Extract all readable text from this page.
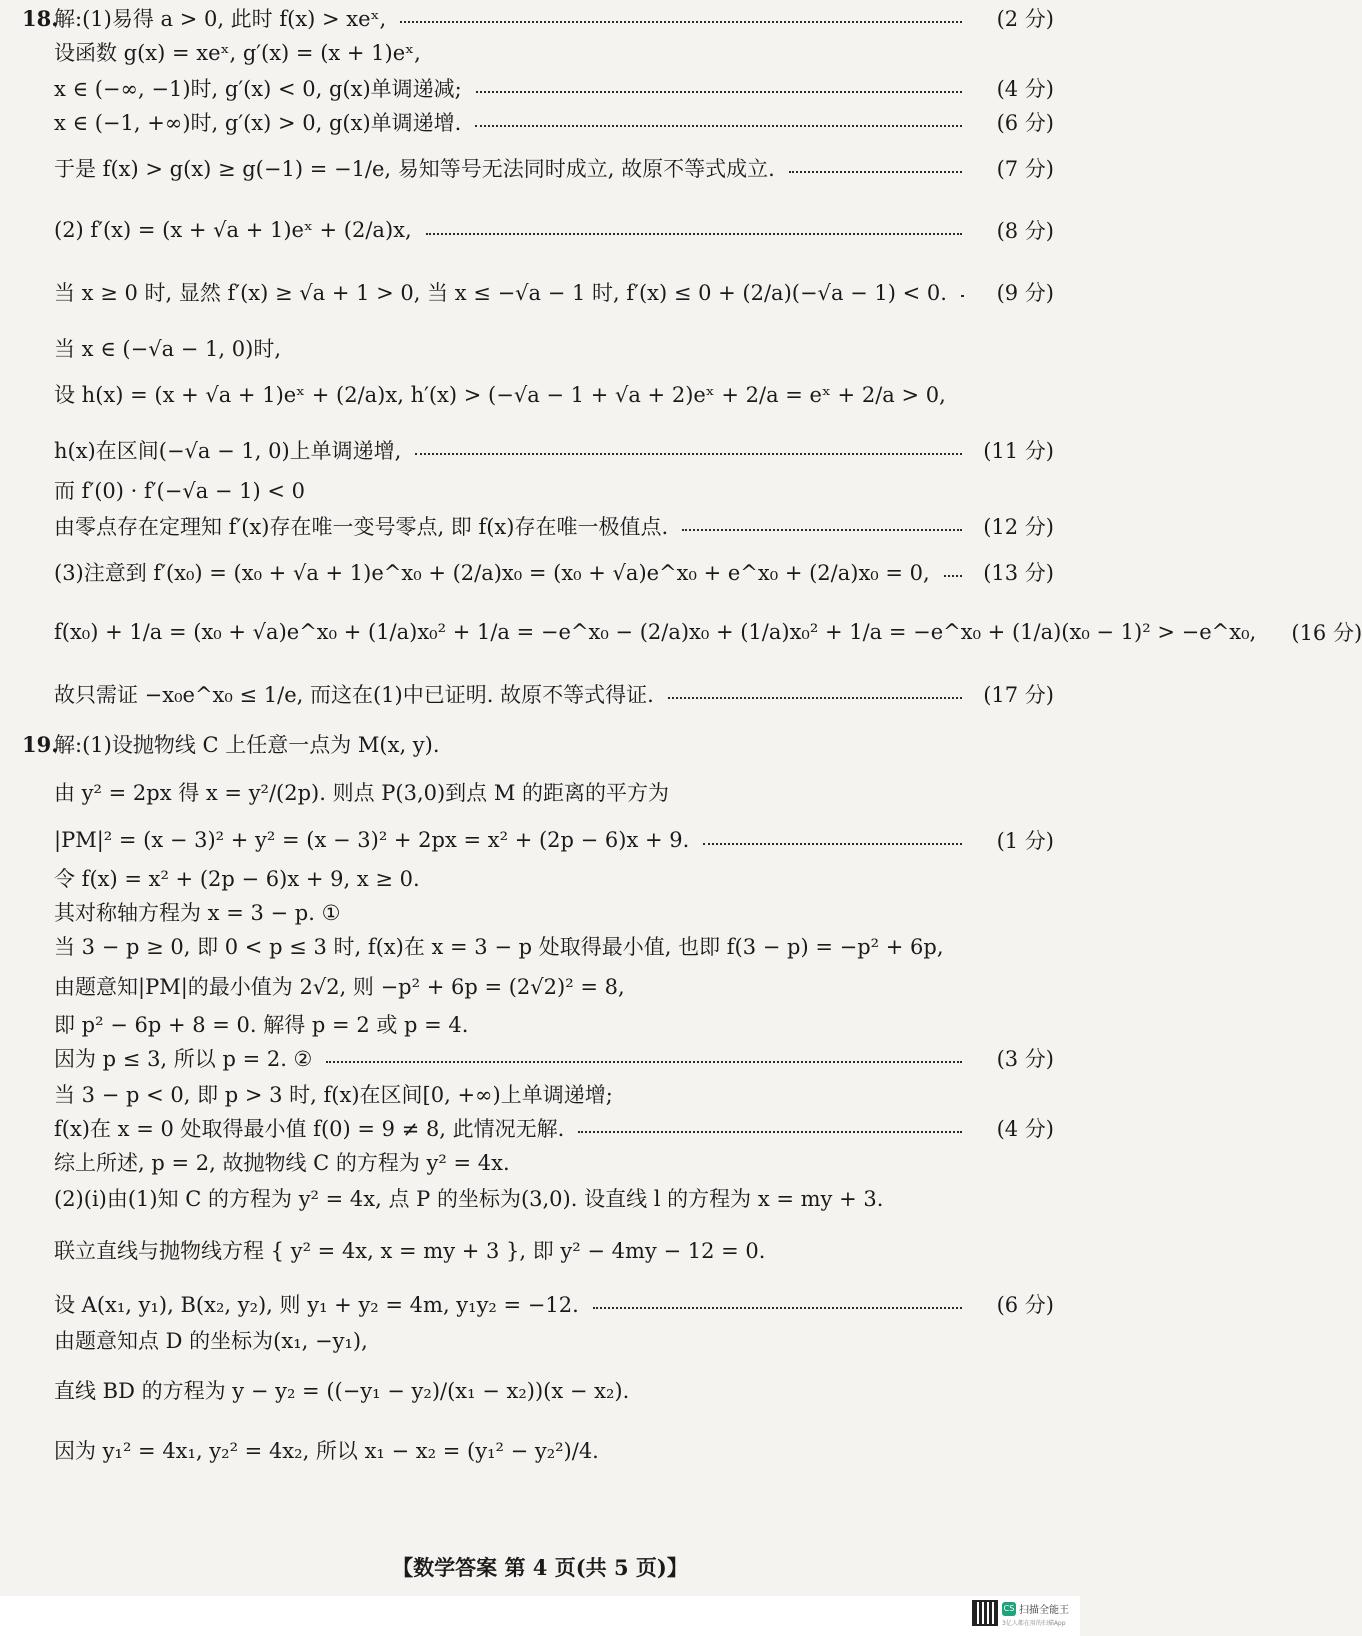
18.
解:(1)易得 a > 0, 此时 f(x) > xeˣ,	(2 分)
设函数 g(x) = xeˣ, g′(x) = (x + 1)eˣ,
x ∈ (−∞, −1)时, g′(x) < 0, g(x)单调递减;	(4 分)
x ∈ (−1, +∞)时, g′(x) > 0, g(x)单调递增.	(6 分)
于是 f(x) > g(x) ≥ g(−1) = −1/e, 易知等号无法同时成立, 故原不等式成立.	(7 分)
(2) f′(x) = (x + √a + 1)eˣ + (2/a)x,	(8 分)
当 x ≥ 0 时, 显然 f′(x) ≥ √a + 1 > 0, 当 x ≤ −√a − 1 时, f′(x) ≤ 0 + (2/a)(−√a − 1) < 0.	(9 分)
当 x ∈ (−√a − 1, 0)时,
设 h(x) = (x + √a + 1)eˣ + (2/a)x, h′(x) > (−√a − 1 + √a + 2)eˣ + 2/a = eˣ + 2/a > 0,
h(x)在区间(−√a − 1, 0)上单调递增,	(11 分)
而 f′(0) · f′(−√a − 1) < 0
由零点存在定理知 f′(x)存在唯一变号零点, 即 f(x)存在唯一极值点.	(12 分)
(3)注意到 f′(x₀) = (x₀ + √a + 1)e^x₀ + (2/a)x₀ = (x₀ + √a)e^x₀ + e^x₀ + (2/a)x₀ = 0,	(13 分)
f(x₀) + 1/a = (x₀ + √a)e^x₀ + (1/a)x₀² + 1/a = −e^x₀ − (2/a)x₀ + (1/a)x₀² + 1/a = −e^x₀ + (1/a)(x₀ − 1)² > −e^x₀,	(16 分)
故只需证 −x₀e^x₀ ≤ 1/e, 而这在(1)中已证明. 故原不等式得证.	(17 分)
19.
解:(1)设抛物线 C 上任意一点为 M(x, y).
由 y² = 2px 得 x = y²/(2p). 则点 P(3,0)到点 M 的距离的平方为
|PM|² = (x − 3)² + y² = (x − 3)² + 2px = x² + (2p − 6)x + 9.	(1 分)
令 f(x) = x² + (2p − 6)x + 9, x ≥ 0.
其对称轴方程为 x = 3 − p. ①
当 3 − p ≥ 0, 即 0 < p ≤ 3 时, f(x)在 x = 3 − p 处取得最小值, 也即 f(3 − p) = −p² + 6p,
由题意知|PM|的最小值为 2√2, 则 −p² + 6p = (2√2)² = 8,
即 p² − 6p + 8 = 0. 解得 p = 2 或 p = 4.
因为 p ≤ 3, 所以 p = 2. ②	(3 分)
当 3 − p < 0, 即 p > 3 时, f(x)在区间[0, +∞)上单调递增;
f(x)在 x = 0 处取得最小值 f(0) = 9 ≠ 8, 此情况无解.	(4 分)
综上所述, p = 2, 故抛物线 C 的方程为 y² = 4x.
(2)(ⅰ)由(1)知 C 的方程为 y² = 4x, 点 P 的坐标为(3,0). 设直线 l 的方程为 x = my + 3.
联立直线与抛物线方程 { y² = 4x, x = my + 3 }, 即 y² − 4my − 12 = 0.
设 A(x₁, y₁), B(x₂, y₂), 则 y₁ + y₂ = 4m, y₁y₂ = −12.	(6 分)
由题意知点 D 的坐标为(x₁, −y₁),
直线 BD 的方程为 y − y₂ = ((−y₁ − y₂)/(x₁ − x₂))(x − x₂).
因为 y₁² = 4x₁, y₂² = 4x₂, 所以 x₁ − x₂ = (y₁² − y₂²)/4.
【数学答案 第 4 页(共 5 页)】
CS 扫描全能王
3亿人都在用的扫描App
